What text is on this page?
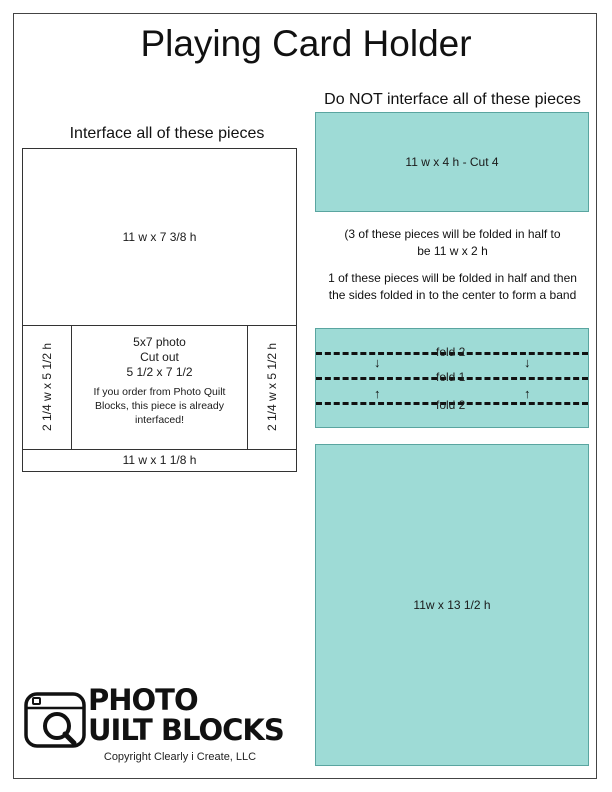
Playing Card Holder
Interface all of these pieces
11 w x 7 3/8 h
2 1/4 w x 5 1/2 h
5x7 photo
Cut out
5 1/2 x 7 1/2
If you order from Photo Quilt Blocks, this piece is already interfaced!	2 1/4 w x 5 1/2 h
11 w x 1 1/8 h
Do NOT interface all of these pieces
11 w x 4 h - Cut 4
(3 of these pieces will be folded in half to be 11 w x 2 h
1 of these pieces will be folded in half and then the sides folded in to the center to form a band
fold 2
fold 1
fold 2
↓	↓
↑	↑
11w x 13 1/2 h
PHOTO
UILT BLOCKS
Copyright Clearly i Create, LLC
